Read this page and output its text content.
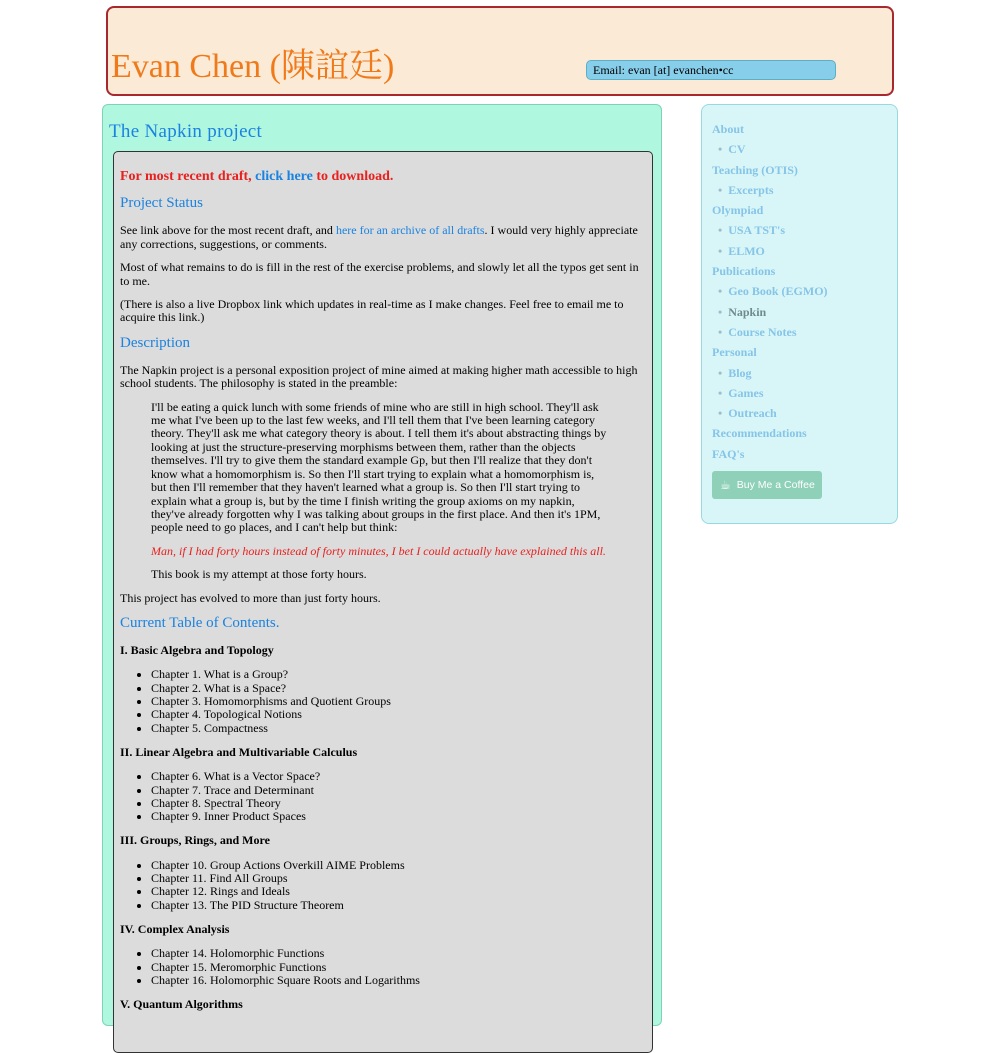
Evan Chen (陳誼廷)	Email: evan [at] evanchen•cc
The Napkin project

For most recent draft, click here to download.

Project Status

See link above for the most recent draft, and here for an archive of all drafts. I would very highly appreciate any corrections, suggestions, or comments.

Most of what remains to do is fill in the rest of the exercise problems, and slowly let all the typos get sent in to me.

(There is also a live Dropbox link which updates in real-time as I make changes. Feel free to email me to acquire this link.)

Description

The Napkin project is a personal exposition project of mine aimed at making higher math accessible to high school students. The philosophy is stated in the preamble:

I'll be eating a quick lunch with some friends of mine who are still in high school. They'll ask me what I've been up to the last few weeks, and I'll tell them that I've been learning category theory. They'll ask me what category theory is about. I tell them it's about abstracting things by looking at just the structure-preserving morphisms between them, rather than the objects themselves. I'll try to give them the standard example Gp, but then I'll realize that they don't know what a homomorphism is. So then I'll start trying to explain what a homomorphism is, but then I'll remember that they haven't learned what a group is. So then I'll start trying to explain what a group is, but by the time I finish writing the group axioms on my napkin, they've already forgotten why I was talking about groups in the first place. And then it's 1PM, people need to go places, and I can't help but think:

Man, if I had forty hours instead of forty minutes, I bet I could actually have explained this all.

This book is my attempt at those forty hours.

This project has evolved to more than just forty hours.

Current Table of Contents.

I. Basic Algebra and Topology

• Chapter 1. What is a Group?
• Chapter 2. What is a Space?
• Chapter 3. Homomorphisms and Quotient Groups
• Chapter 4. Topological Notions
• Chapter 5. Compactness

II. Linear Algebra and Multivariable Calculus

• Chapter 6. What is a Vector Space?
• Chapter 7. Trace and Determinant
• Chapter 8. Spectral Theory
• Chapter 9. Inner Product Spaces

III. Groups, Rings, and More

• Chapter 10. Group Actions Overkill AIME Problems
• Chapter 11. Find All Groups
• Chapter 12. Rings and Ideals
• Chapter 13. The PID Structure Theorem

IV. Complex Analysis

• Chapter 14. Holomorphic Functions
• Chapter 15. Meromorphic Functions
• Chapter 16. Holomorphic Square Roots and Logarithms

V. Quantum Algorithms

About
• CV
Teaching (OTIS)
• Excerpts
Olympiad
• USA TST's
• ELMO
Publications
• Geo Book (EGMO)
• Napkin
• Course Notes
Personal
• Blog
• Games
• Outreach
Recommendations
FAQ's
☕ Buy Me a Coffee
